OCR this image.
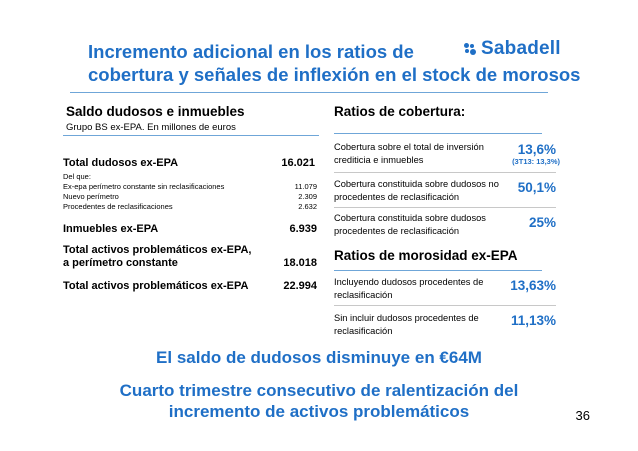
Incremento adicional en los ratios de
cobertura y señales de inflexión en el stock de morosos
Sabadell
Saldo dudosos e inmuebles
Grupo BS ex-EPA. En millones de euros
Total dudosos ex-EPA	16.021
Del que:
Ex-epa perímetro constante sin reclasificaciones	11.079
Nuevo perímetro	2.309
Procedentes de reclasificaciones	2.632
Inmuebles ex-EPA	6.939
Total activos problemáticos ex-EPA,
a perímetro constante	18.018
Total activos problemáticos ex-EPA	22.994
Ratios de cobertura:
Cobertura sobre el total de inversión crediticia e inmuebles
13,6%
(3T13: 13,3%)
Cobertura constituida sobre dudosos no procedentes de reclasificación
50,1%
Cobertura constituida sobre dudosos procedentes de reclasificación
25%
Ratios de morosidad ex-EPA
Incluyendo dudosos procedentes de reclasificación
13,63%
Sin incluir dudosos procedentes de reclasificación
11,13%
El saldo de dudosos disminuye en €64M
Cuarto trimestre consecutivo de ralentización del
incremento de activos problemáticos	36
